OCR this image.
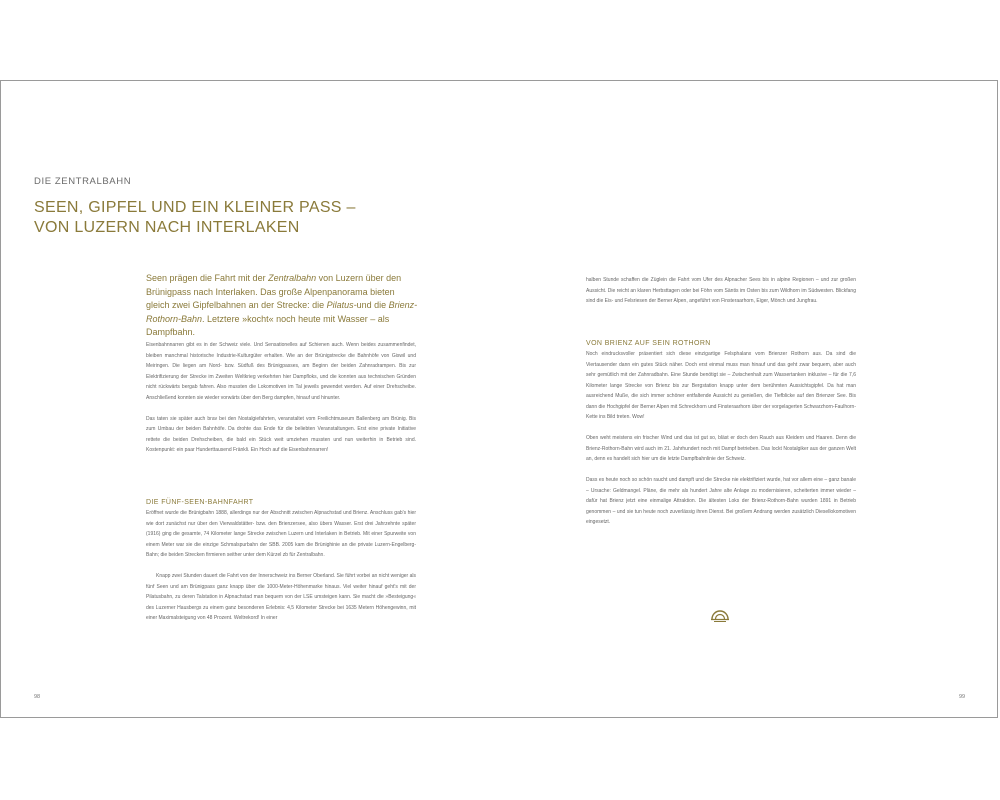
DIE ZENTRALBAHN
SEEN, GIPFEL UND EIN KLEINER PASS –
VON LUZERN NACH INTERLAKEN

Seen prägen die Fahrt mit der Zentralbahn von Luzern über den Brünigpass nach Interlaken. Das große Alpenpanorama bieten gleich zwei Gipfelbahnen an der Strecke: die Pilatus-und die Brienz-Rothorn-Bahn. Letztere »kocht« noch heute mit Wasser – als Dampfbahn.

Eisenbahnnarren gibt es in der Schweiz viele. Und Sensationelles auf Schienen auch. Wenn beides zusammenfindet, bleiben manchmal historische Industrie-Kulturgüter erhalten. Wie an der Brünigstrecke die Bahnhöfe von Giswil und Meiringen. Die liegen am Nord- bzw. Südfuß des Brünigpasses, am Beginn der beiden Zahnradrampen. Bis zur Elektrifizierung der Strecke im Zweiten Weltkrieg verkehrten hier Dampfloks, und die konnten aus technischen Gründen nicht rückwärts bergab fahren. Also mussten die Lokomotiven im Tal jeweils gewendet werden. Auf einer Drehscheibe. Anschließend konnten sie wieder vorwärts über den Berg dampfen, hinauf und hinunter.

Das taten sie später auch brav bei den Nostalgiefahrten, veranstaltet vom Freilichtmuseum Ballenberg am Brünig. Bis zum Umbau der beiden Bahnhöfe. Da drohte das Ende für die beliebten Veranstaltungen. Erst eine private Initiative rettete die beiden Drehscheiben, die bald ein Stück weit umziehen mussten und nun weiterhin in Betrieb sind. Kostenpunkt: ein paar Hunderttausend Fränkli. Ein Hoch auf die Eisenbahnnarren!

DIE FÜNF-SEEN-BAHNFAHRT

Eröffnet wurde die Brünigbahn 1888, allerdings nur der Abschnitt zwischen Alpnachstad und Brienz. Anschluss gab's hier wie dort zunächst nur über den Vierwaldstätter- bzw. den Brienzersee, also übers Wasser. Erst drei Jahrzehnte später (1916) ging die gesamte, 74 Kilometer lange Strecke zwischen Luzern und Interlaken in Betrieb. Mit einer Spurweite von einem Meter war sie die einzige Schmalspurbahn der SBB. 2005 kam die Brünighinie an die private Luzern-Engelberg-Bahn; die beiden Strecken firmieren seither unter dem Kürzel zb für Zentralbahn.

Knapp zwei Stunden dauert die Fahrt von der Innerschweiz ins Berner Oberland. Sie führt vorbei an nicht weniger als fünf Seen und am Brünigpass ganz knapp über die 1000-Meter-Höhenmarke hinaus. Viel weiter hinauf geht's mit der Pilatusbahn, zu deren Talstation in Alpnachstad man bequem von der LSE umsteigen kann. Sie macht die »Besteigung« des Luzerner Hausbergs zu einem ganz besonderen Erlebnis: 4,5 Kilometer Strecke bei 1635 Metern Höhengewinn, mit einer Maximalsteigung von 48 Prozent. Weltrekord! In einer

halben Stunde schaffen die Züglein die Fahrt vom Ufer des Alpnacher Sees bis in alpine Regionen – und zur großen Aussicht. Die reicht an klaren Herbsttagen oder bei Föhn vom Säntis im Osten bis zum Wildhorn im Südwesten. Blickfang sind die Eis- und Felsriesen der Berner Alpen, angeführt von Finsteraarhorn, Eiger, Mönch und Jungfrau.

VON BRIENZ AUF SEIN ROTHORN

Noch eindrucksvoller präsentiert sich diese einzigartige Felsphalanx vom Brienzer Rothorn aus. Da sind die Viertausender dann ein gutes Stück näher. Doch erst einmal muss man hinauf und das geht zwar bequem, aber auch sehr gemütlich mit der Zahnradbahn. Eine Stunde benötigt sie – Zwischenhalt zum Wassertanken inklusive – für die 7,6 Kilometer lange Strecke von Brienz bis zur Bergstation knapp unter dem berühmten Aussichtsgipfel. Da hat man ausreichend Muße, die sich immer schöner entfaltende Aussicht zu genießen, die Tiefblicke auf den Brienzer See. Bis dann die Hochgipfel der Berner Alpen mit Schreckhorn und Finsteraarhorn über der vorgelagerten Schwarzhorn-Faulhorn-Kette ins Bild treten. Wow!

Oben weht meistens ein frischer Wind und das ist gut so, bläst er doch den Rauch aus Kleidern und Haaren. Denn die Brienz-Rothorn-Bahn wird auch im 21. Jahrhundert noch mit Dampf betrieben. Das lockt Nostalgiker aus der ganzen Welt an, denn es handelt sich hier um die letzte Dampfbahnlinie der Schweiz.

Dass es heute noch so schön raucht und dampft und die Strecke nie elektrifiziert wurde, hat vor allem eine – ganz banale – Ursache: Geldmangel. Pläne, die mehr als hundert Jahre alte Anlage zu modernisieren, scheiterten immer wieder – dafür hat Brienz jetzt eine einmalige Attraktion. Die ältesten Loks der Brienz-Rothorn-Bahn wurden 1891 in Betrieb genommen – und sie tun heute noch zuverlässig ihren Dienst. Bei großem Andrang werden zusätzlich Diesellokomotiven eingesetzt.

98	99
